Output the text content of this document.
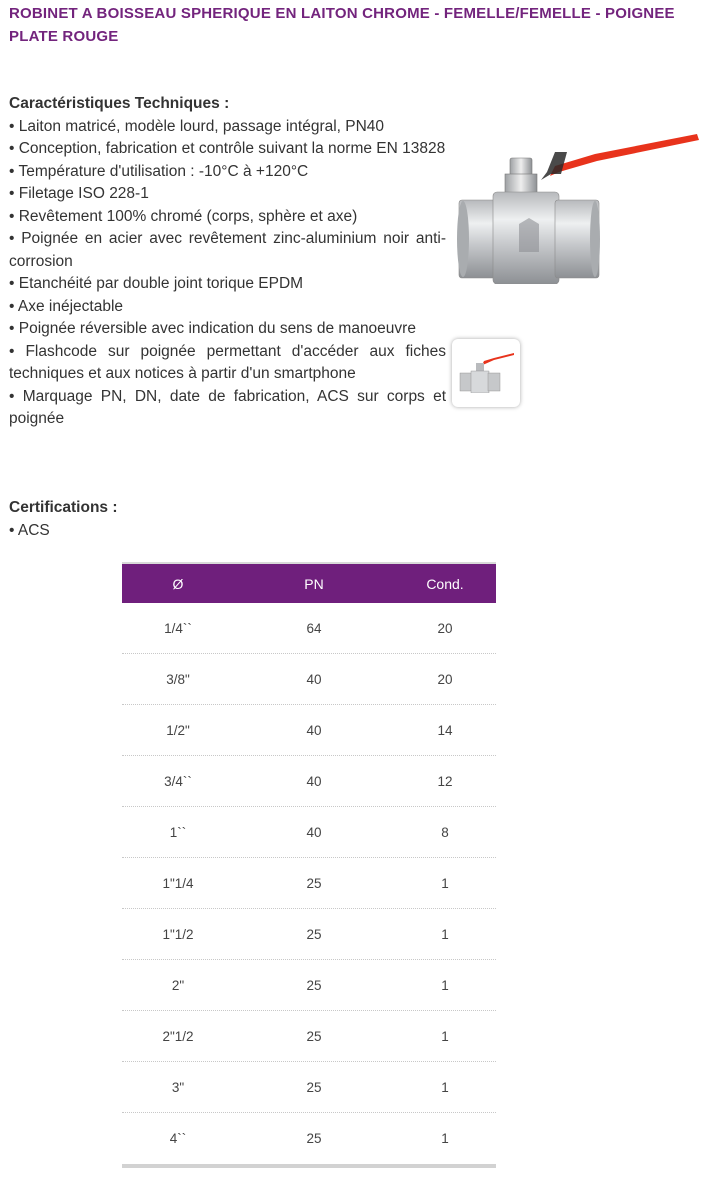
ROBINET A BOISSEAU SPHERIQUE EN LAITON CHROME - FEMELLE/FEMELLE - POIGNEE PLATE ROUGE
Caractéristiques Techniques :
• Laiton matricé, modèle lourd, passage intégral, PN40
• Conception, fabrication et contrôle suivant la norme EN 13828
• Température d'utilisation : -10°C à +120°C
• Filetage ISO 228-1
• Revêtement 100% chromé (corps, sphère et axe)
• Poignée en acier avec revêtement zinc-aluminium noir anti-corrosion
• Etanchéité par double joint torique EPDM
• Axe inéjectable
• Poignée réversible avec indication du sens de manoeuvre
• Flashcode sur poignée permettant d'accéder aux fiches techniques et aux notices à partir d'un smartphone
• Marquage PN, DN, date de fabrication, ACS sur corps et poignée
Certifications :
• ACS
Ø	PN	Cond.
1/4``	64	20
3/8"	40	20
1/2"	40	14
3/4``	40	12
1``	40	8
1"1/4	25	1
1"1/2	25	1
2"	25	1
2"1/2	25	1
3"	25	1
4``	25	1
